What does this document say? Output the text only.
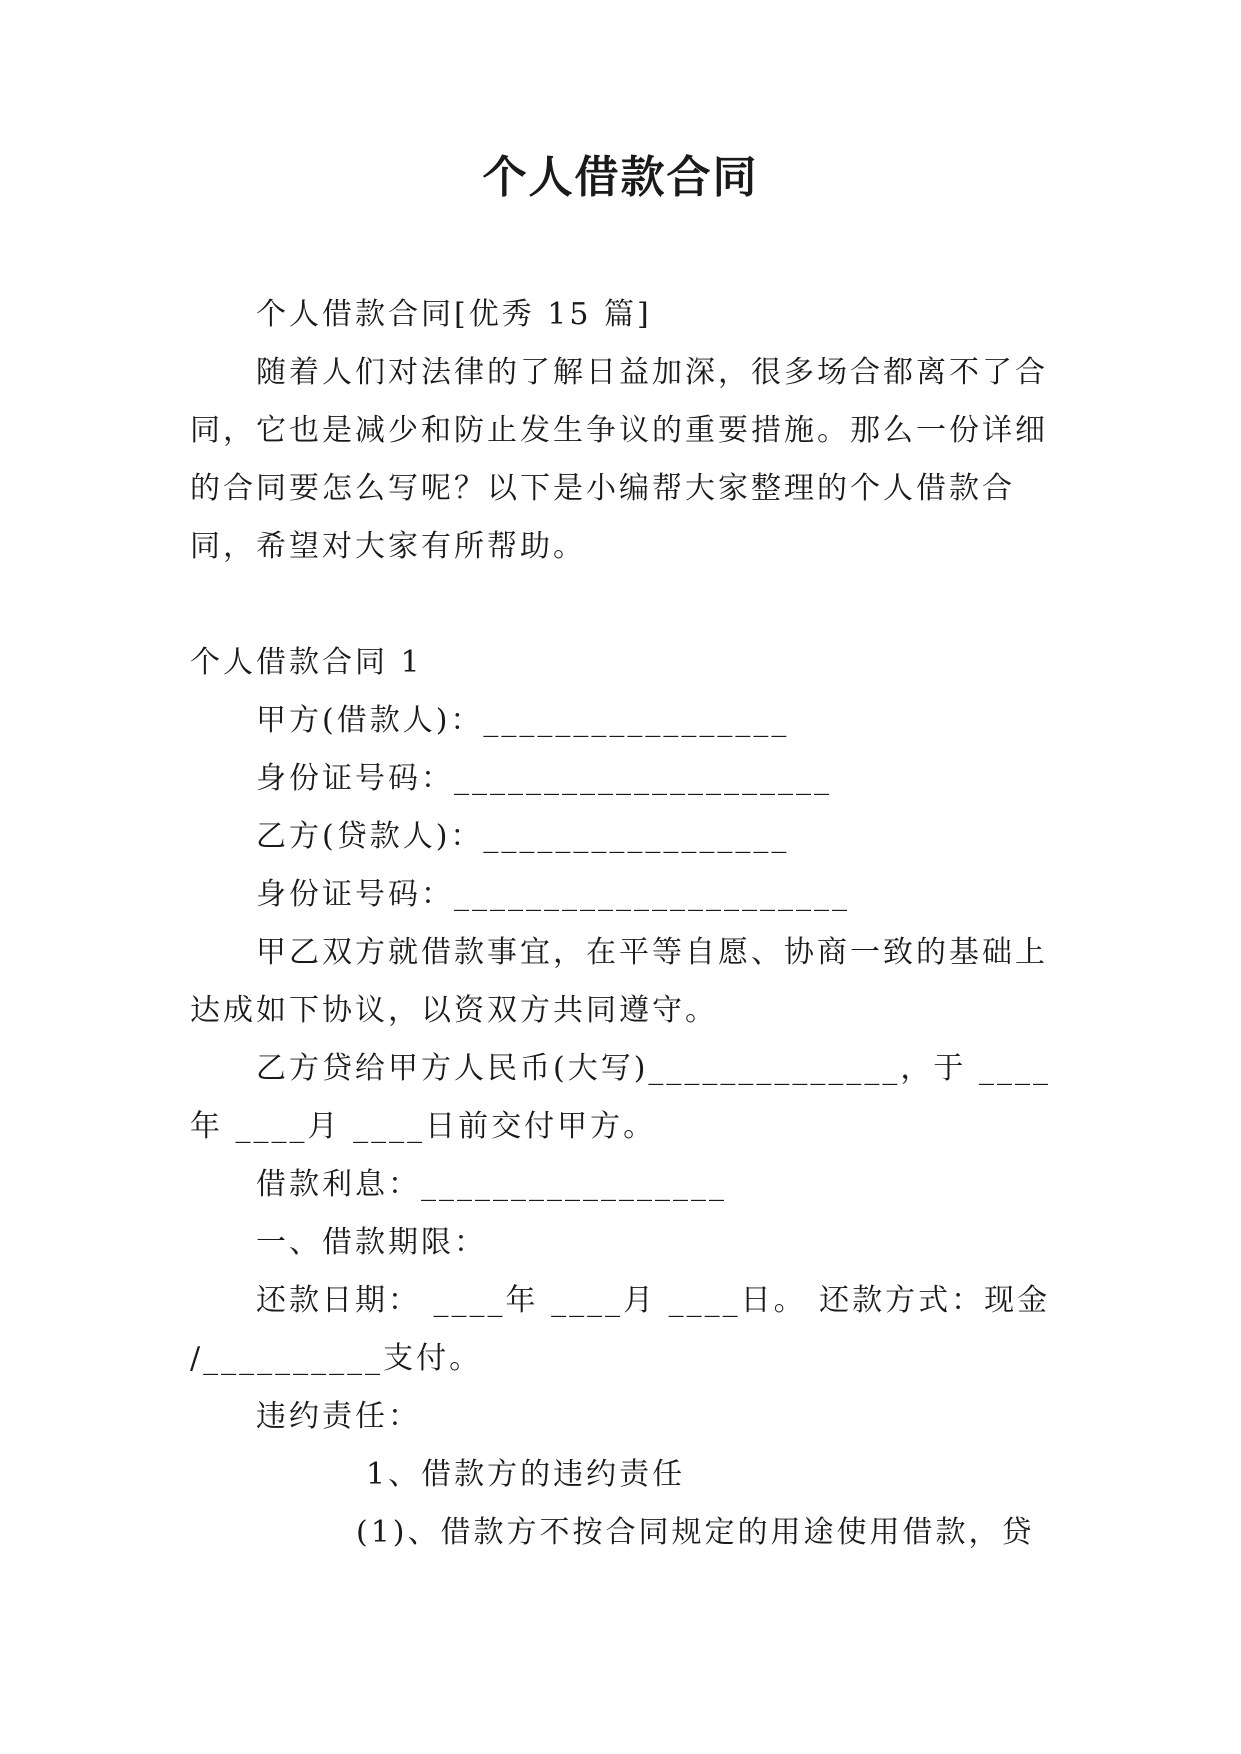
个人借款合同
个人借款合同[优秀 15 篇]
随着人们对法律的了解日益加深，很多场合都离不了合
同，它也是减少和防止发生争议的重要措施。那么一份详细
的合同要怎么写呢？以下是小编帮大家整理的个人借款合
同，希望对大家有所帮助。
个人借款合同 1
甲方(借款人)：_________________
身份证号码：_____________________
乙方(贷款人)：_________________
身份证号码：______________________
甲乙双方就借款事宜，在平等自愿、协商一致的基础上
达成如下协议，以资双方共同遵守。
乙方贷给甲方人民币(大写)______________，于 ____
年 ____月 ____日前交付甲方。
借款利息：_________________
一、借款期限：
还款日期： ____年 ____月 ____日。 还款方式：现金
/__________支付。
违约责任：
1、借款方的违约责任
(1)、借款方不按合同规定的用途使用借款，贷
